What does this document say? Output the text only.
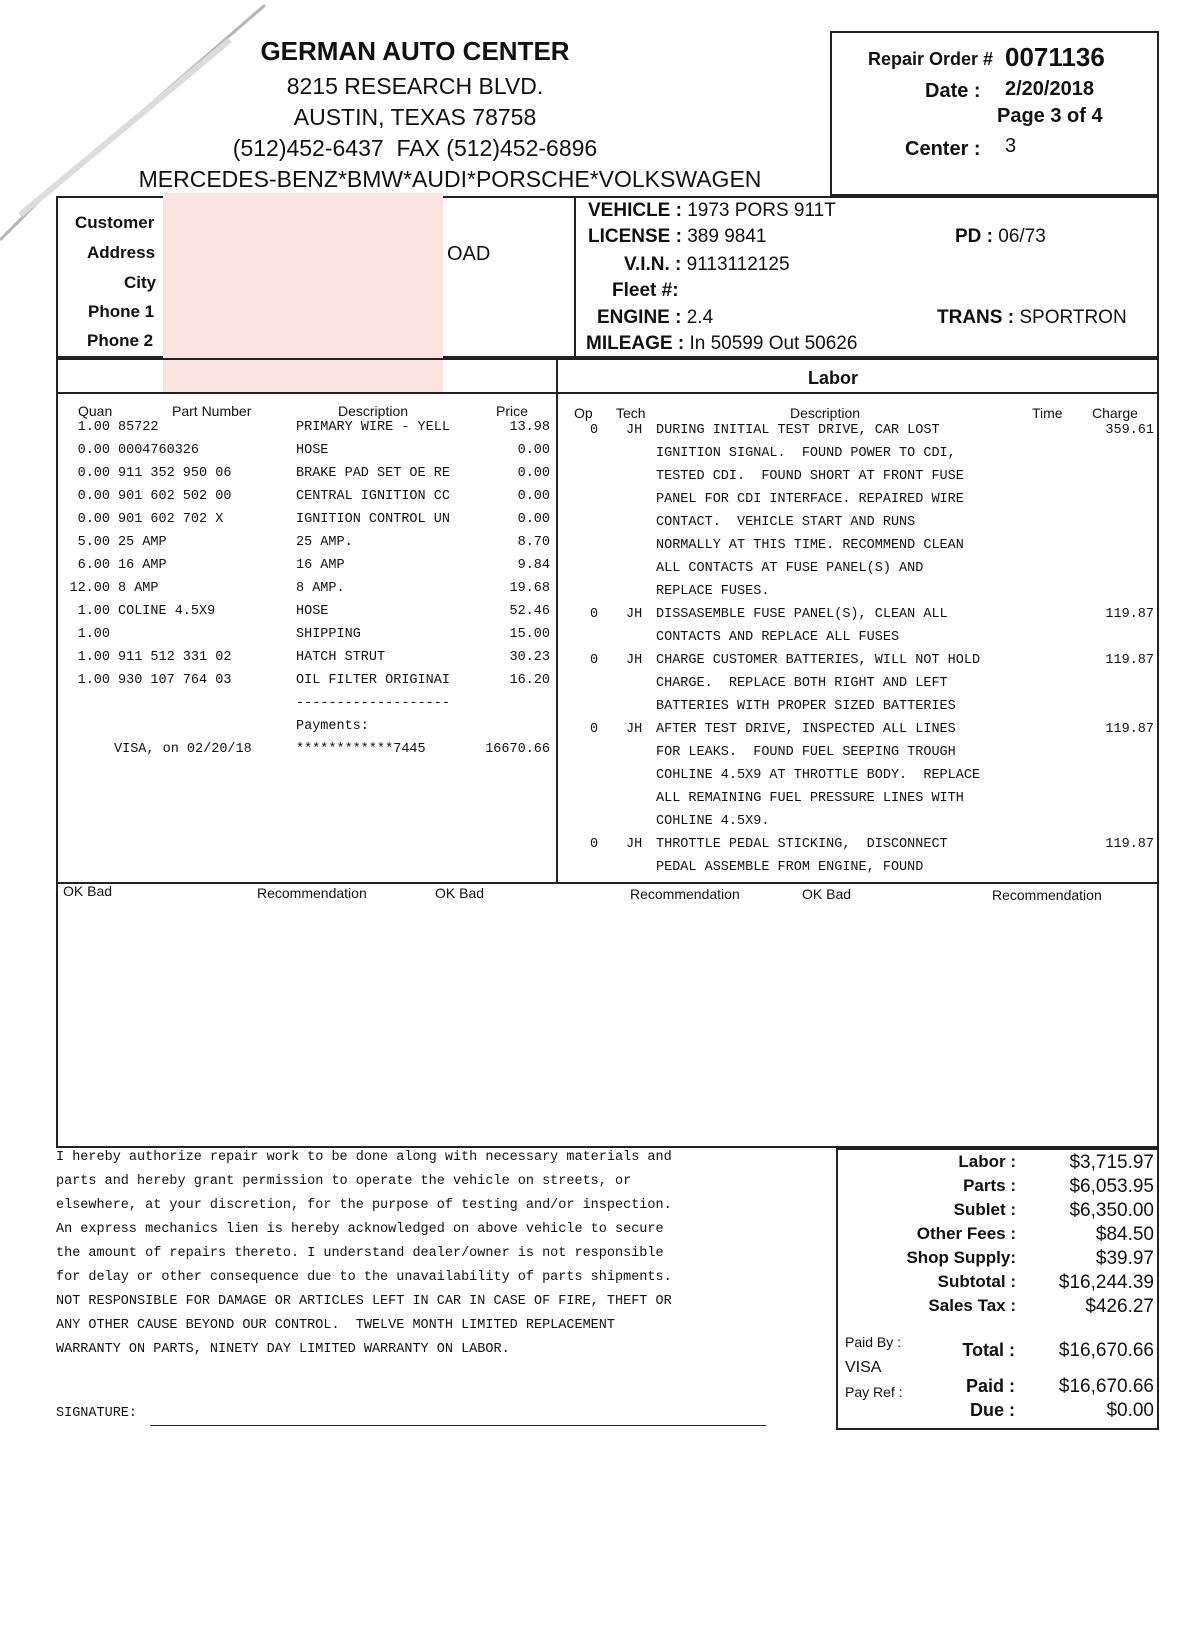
GERMAN AUTO CENTER
8215 RESEARCH BLVD.
AUSTIN, TEXAS 78758
(512)452-6437  FAX (512)452-6896
MERCEDES-BENZ*BMW*AUDI*PORSCHE*VOLKSWAGEN
Repair Order # 0071136
Date : 2/20/2018
Page 3 of 4
Center : 3
Customer
Address
City
Phone 1
Phone 2
OAD
VEHICLE : 1973 PORS 911T
LICENSE : 389 9841	PD : 06/73
V.I.N. : 9113112125
Fleet #:
ENGINE : 2.4	TRANS : SPORTRON
MILEAGE : In 50599 Out 50626
Labor
Quan	Part Number	Description	Price
1.00 85722	PRIMARY WIRE - YELL	13.98
0.00 0004760326	HOSE	0.00
0.00 911 352 950 06	BRAKE PAD SET OE RE	0.00
0.00 901 602 502 00	CENTRAL IGNITION CC	0.00
0.00 901 602 702 X	IGNITION CONTROL UN	0.00
5.00 25 AMP	25 AMP.	8.70
6.00 16 AMP	16 AMP	9.84
12.00 8 AMP	8 AMP.	19.68
1.00 COLINE 4.5X9	HOSE	52.46
1.00	SHIPPING	15.00
1.00 911 512 331 02	HATCH STRUT	30.23
1.00 930 107 764 03	OIL FILTER ORIGINAI	16.20
-------------------
Payments:
VISA, on 02/20/18	************7445	16670.66
Op Tech	Description	Time Charge
0 JH DURING INITIAL TEST DRIVE, CAR LOST	359.61
IGNITION SIGNAL.  FOUND POWER TO CDI,
TESTED CDI.  FOUND SHORT AT FRONT FUSE
PANEL FOR CDI INTERFACE. REPAIRED WIRE
CONTACT.  VEHICLE START AND RUNS
NORMALLY AT THIS TIME. RECOMMEND CLEAN
ALL CONTACTS AT FUSE PANEL(S) AND
REPLACE FUSES.
0 JH DISSASEMBLE FUSE PANEL(S), CLEAN ALL	119.87
CONTACTS AND REPLACE ALL FUSES
0 JH CHARGE CUSTOMER BATTERIES, WILL NOT HOLD	119.87
CHARGE.  REPLACE BOTH RIGHT AND LEFT
BATTERIES WITH PROPER SIZED BATTERIES
0 JH AFTER TEST DRIVE, INSPECTED ALL LINES	119.87
FOR LEAKS.  FOUND FUEL SEEPING TROUGH
COHLINE 4.5X9 AT THROTTLE BODY.  REPLACE
ALL REMAINING FUEL PRESSURE LINES WITH
COHLINE 4.5X9.
0 JH THROTTLE PEDAL STICKING,  DISCONNECT	119.87
PEDAL ASSEMBLE FROM ENGINE, FOUND
OK Bad	Recommendation	OK Bad	Recommendation	OK Bad	Recommendation
I hereby authorize repair work to be done along with necessary materials and
parts and hereby grant permission to operate the vehicle on streets, or
elsewhere, at your discretion, for the purpose of testing and/or inspection.
An express mechanics lien is hereby acknowledged on above vehicle to secure
the amount of repairs thereto. I understand dealer/owner is not responsible
for delay or other consequence due to the unavailability of parts shipments.
NOT RESPONSIBLE FOR DAMAGE OR ARTICLES LEFT IN CAR IN CASE OF FIRE, THEFT OR
ANY OTHER CAUSE BEYOND OUR CONTROL.  TWELVE MONTH LIMITED REPLACEMENT
WARRANTY ON PARTS, NINETY DAY LIMITED WARRANTY ON LABOR.
SIGNATURE:
Labor :	$3,715.97
Parts :	$6,053.95
Sublet :	$6,350.00
Other Fees :	$84.50
Shop Supply:	$39.97
Subtotal :	$16,244.39
Sales Tax :	$426.27
Paid By :
VISA
Pay Ref :
Total :	$16,670.66
Paid :	$16,670.66
Due :	$0.00
